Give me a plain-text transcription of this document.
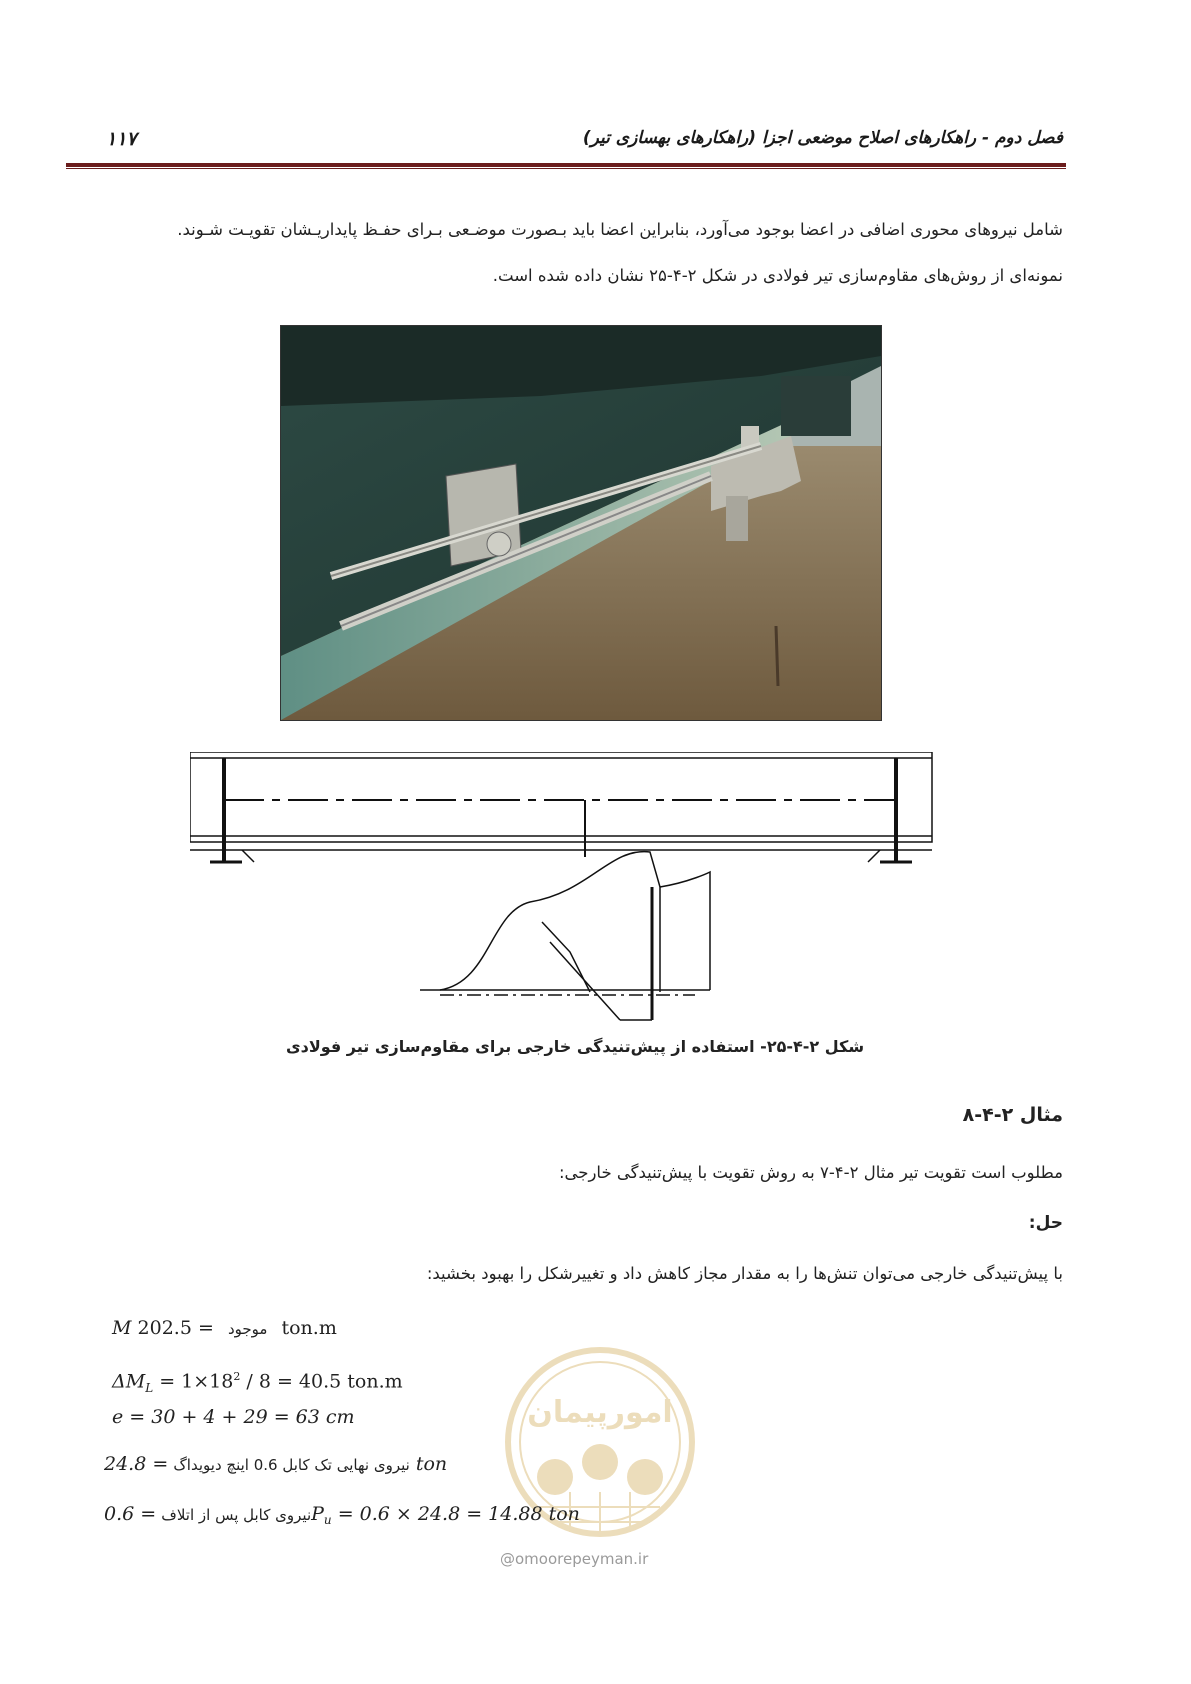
فصل دوم - راهکارهای اصلاح موضعی اجزا (راهکارهای بهسازی تیر)
۱۱۷
شامل نیروهای محوری اضافی در اعضا بوجود می‌آورد، بنابراین اعضا باید بـصورت موضـعی بـرای حفـظ پایداریـشان تقویـت شـوند.
نمونه‌ای از روش‌های مقاوم‌سازی تیر فولادی در شکل ۲-۴-۲۵ نشان داده شده است.
شکل ۲-۴-۲۵- استفاده از پیش‌تنیدگی خارجی برای مقاوم‌سازی تیر فولادی
مثال ۲-۴-۸
مطلوب است تقویت تیر مثال ۲-۴-۷ به روش تقویت با پیش‌تنیدگی خارجی:
حل:
با پیش‌تنیدگی خارجی می‌توان تنش‌ها را به مقدار مجاز کاهش داد و تغییرشکل را بهبود بخشید:
امورپیمان
@omoorepeyman.ir
M	موجود = 202.5 ton.m
$\Delta M_L = 1\times 18^2 / 8 = 40.5$ ton.m
e = 30 + 4 + 29 = 63 cm
نیروی نهایی تک کابل 0.6 اینچ دیویداگ = 24.8 ton
نیروی کابل پس از اتلاف = $0.6P_u = 0.6 \times 24.8 = 14.88$ ton
